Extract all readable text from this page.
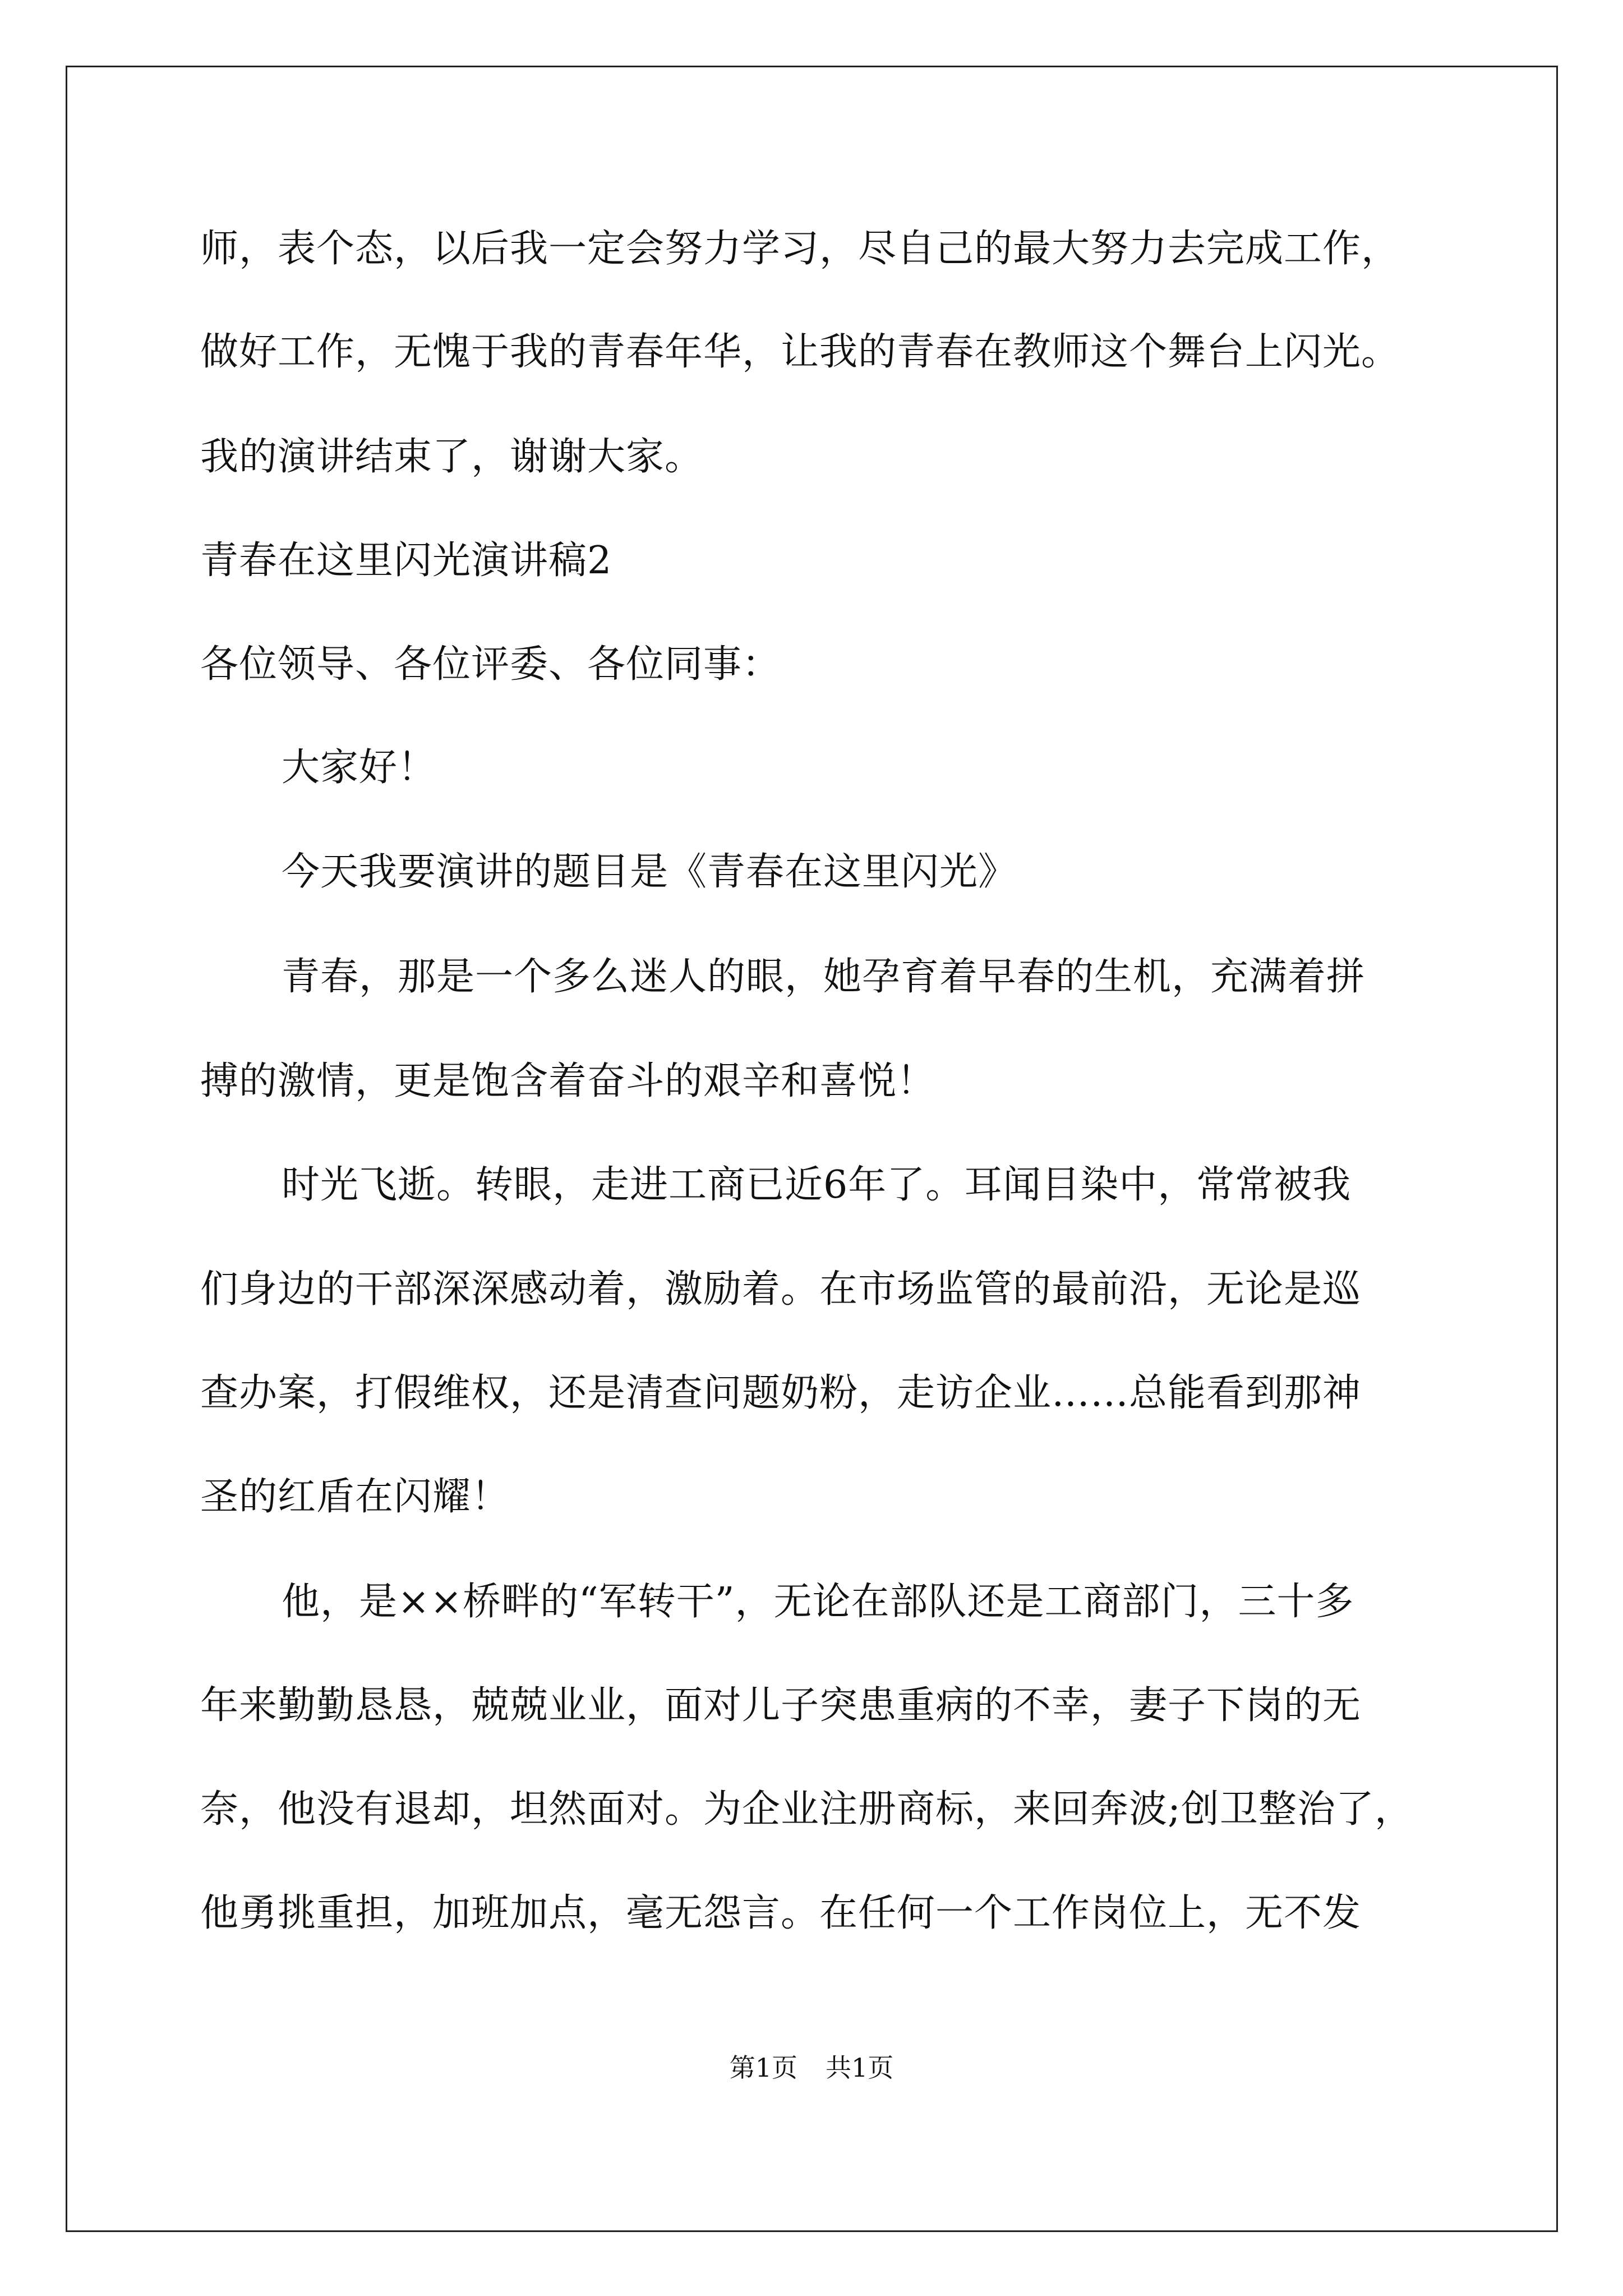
师，表个态，以后我一定会努力学习，尽自己的最大努力去完成工作，
做好工作，无愧于我的青春年华，让我的青春在教师这个舞台上闪光。
我的演讲结束了，谢谢大家。
青春在这里闪光演讲稿2
各位领导、各位评委、各位同事：
大家好！
今天我要演讲的题目是《青春在这里闪光》
青春，那是一个多么迷人的眼，她孕育着早春的生机，充满着拼
搏的激情，更是饱含着奋斗的艰辛和喜悦！
时光飞逝。转眼，走进工商已近6年了。耳闻目染中，常常被我
们身边的干部深深感动着，激励着。在市场监管的最前沿，无论是巡
查办案，打假维权，还是清查问题奶粉，走访企业……总能看到那神
圣的红盾在闪耀！
他，是××桥畔的“军转干”，无论在部队还是工商部门，三十多
年来勤勤恳恳，兢兢业业，面对儿子突患重病的不幸，妻子下岗的无
奈，他没有退却，坦然面对。为企业注册商标，来回奔波;创卫整治了，
他勇挑重担，加班加点，毫无怨言。在任何一个工作岗位上，无不发
第1页 共1页
